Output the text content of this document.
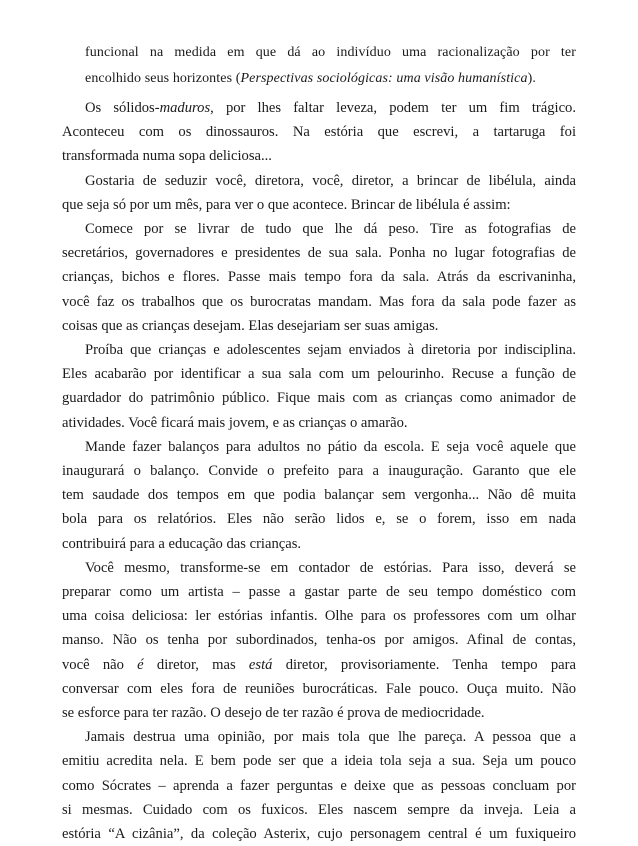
funcional na medida em que dá ao indivíduo uma racionalização por ter
encolhido seus horizontes (Perspectivas sociológicas: uma visão humanística).

Os sólidos-maduros, por lhes faltar leveza, podem ter um fim trágico.
Aconteceu com os dinossauros. Na estória que escrevi, a tartaruga foi
transformada numa sopa deliciosa...

Gostaria de seduzir você, diretora, você, diretor, a brincar de libélula, ainda
que seja só por um mês, para ver o que acontece. Brincar de libélula é assim:

Comece por se livrar de tudo que lhe dá peso. Tire as fotografias de
secretários, governadores e presidentes de sua sala. Ponha no lugar fotografias de
crianças, bichos e flores. Passe mais tempo fora da sala. Atrás da escrivaninha,
você faz os trabalhos que os burocratas mandam. Mas fora da sala pode fazer as
coisas que as crianças desejam. Elas desejariam ser suas amigas.

Proíba que crianças e adolescentes sejam enviados à diretoria por indisciplina.
Eles acabarão por identificar a sua sala com um pelourinho. Recuse a função de
guardador do patrimônio público. Fique mais com as crianças como animador de
atividades. Você ficará mais jovem, e as crianças o amarão.

Mande fazer balanços para adultos no pátio da escola. E seja você aquele que
inaugurará o balanço. Convide o prefeito para a inauguração. Garanto que ele
tem saudade dos tempos em que podia balançar sem vergonha... Não dê muita
bola para os relatórios. Eles não serão lidos e, se o forem, isso em nada
contribuirá para a educação das crianças.

Você mesmo, transforme-se em contador de estórias. Para isso, deverá se
preparar como um artista – passe a gastar parte de seu tempo doméstico com
uma coisa deliciosa: ler estórias infantis. Olhe para os professores com um olhar
manso. Não os tenha por subordinados, tenha-os por amigos. Afinal de contas,
você não é diretor, mas está diretor, provisoriamente. Tenha tempo para
conversar com eles fora de reuniões burocráticas. Fale pouco. Ouça muito. Não
se esforce para ter razão. O desejo de ter razão é prova de mediocridade.

Jamais destrua uma opinião, por mais tola que lhe pareça. A pessoa que a
emitiu acredita nela. E bem pode ser que a ideia tola seja a sua. Seja um pouco
como Sócrates – aprenda a fazer perguntas e deixe que as pessoas concluam por
si mesmas. Cuidado com os fuxicos. Eles nascem sempre da inveja. Leia a
estória “A cizânia”, da coleção Asterix, cujo personagem central é um fuxiqueiro
